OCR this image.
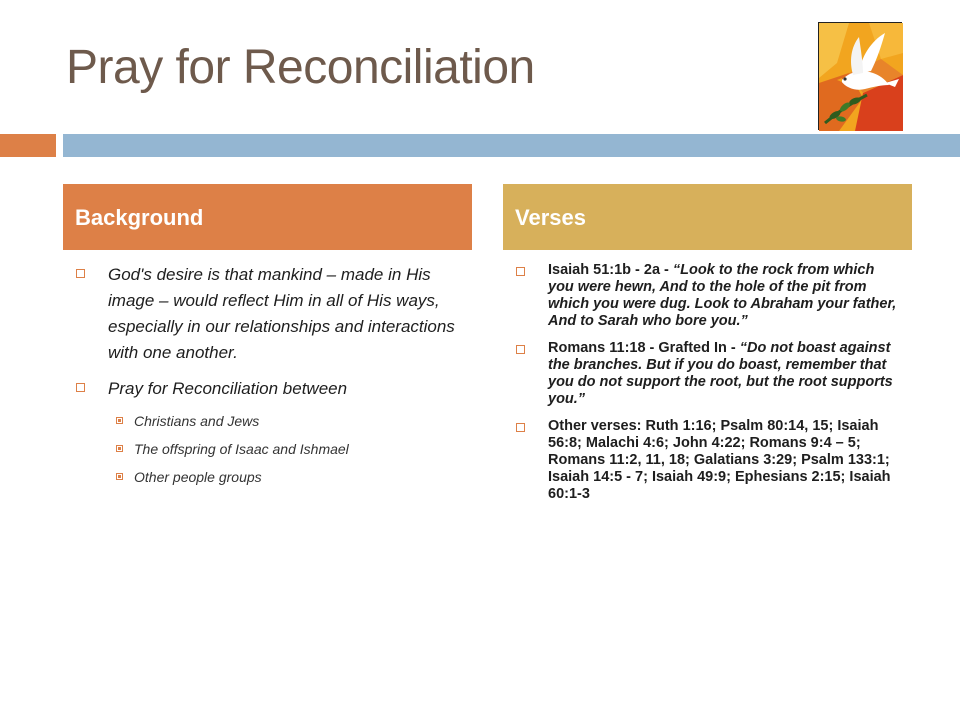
Pray for Reconciliation
Background	Verses
God's desire is that mankind – made in His image – would reflect Him in all of His ways, especially in our relationships and interactions with one another.
Pray for Reconciliation between
Christians and Jews
The offspring of Isaac and Ishmael
Other people groups
Isaiah 51:1b - 2a - “Look to the rock from which you were hewn, And to the hole of the pit from which you were dug. Look to Abraham your father, And to Sarah who bore you.”
Romans 11:18 - Grafted In - “Do not boast against the branches. But if you do boast, remember that you do not support the root, but the root supports you.”
Other verses: Ruth 1:16; Psalm 80:14, 15; Isaiah 56:8; Malachi 4:6; John 4:22; Romans 9:4 – 5; Romans 11:2, 11, 18; Galatians 3:29; Psalm 133:1; Isaiah 14:5 - 7; Isaiah 49:9; Ephesians 2:15; Isaiah 60:1-3
